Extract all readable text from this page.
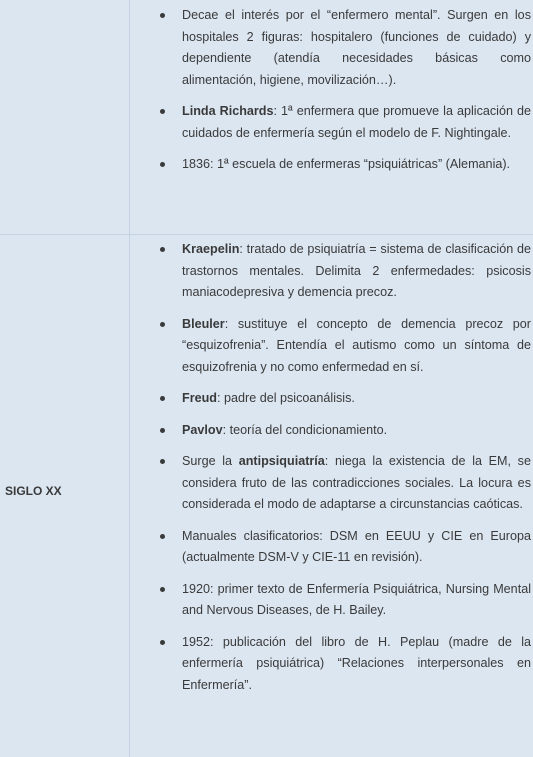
Decae el interés por el “enfermero mental”. Surgen en los hospitales 2 figuras: hospitalero (funciones de cuidado) y dependiente (atendía necesidades básicas como alimentación, higiene, movilización…).
Linda Richards: 1ª enfermera que promueve la aplicación de cuidados de enfermería según el modelo de F. Nightingale.
1836: 1ª escuela de enfermeras “psiquiátricas” (Alemania).
SIGLO XX
Kraepelin: tratado de psiquiatría = sistema de clasificación de trastornos mentales. Delimita 2 enfermedades: psicosis maniacodepresiva y demencia precoz.
Bleuler: sustituye el concepto de demencia precoz por “esquizofrenia”. Entendía el autismo como un síntoma de esquizofrenia y no como enfermedad en sí.
Freud: padre del psicoanálisis.
Pavlov: teoría del condicionamiento.
Surge la antipsiquiatría: niega la existencia de la EM, se considera fruto de las contradicciones sociales. La locura es considerada el modo de adaptarse a circunstancias caóticas.
Manuales clasificatorios: DSM en EEUU y CIE en Europa (actualmente DSM-V y CIE-11 en revisión).
1920: primer texto de Enfermería Psiquiátrica, Nursing Mental and Nervous Diseases, de H. Bailey.
1952: publicación del libro de H. Peplau (madre de la enfermería psiquiátrica) “Relaciones interpersonales en Enfermería”.
